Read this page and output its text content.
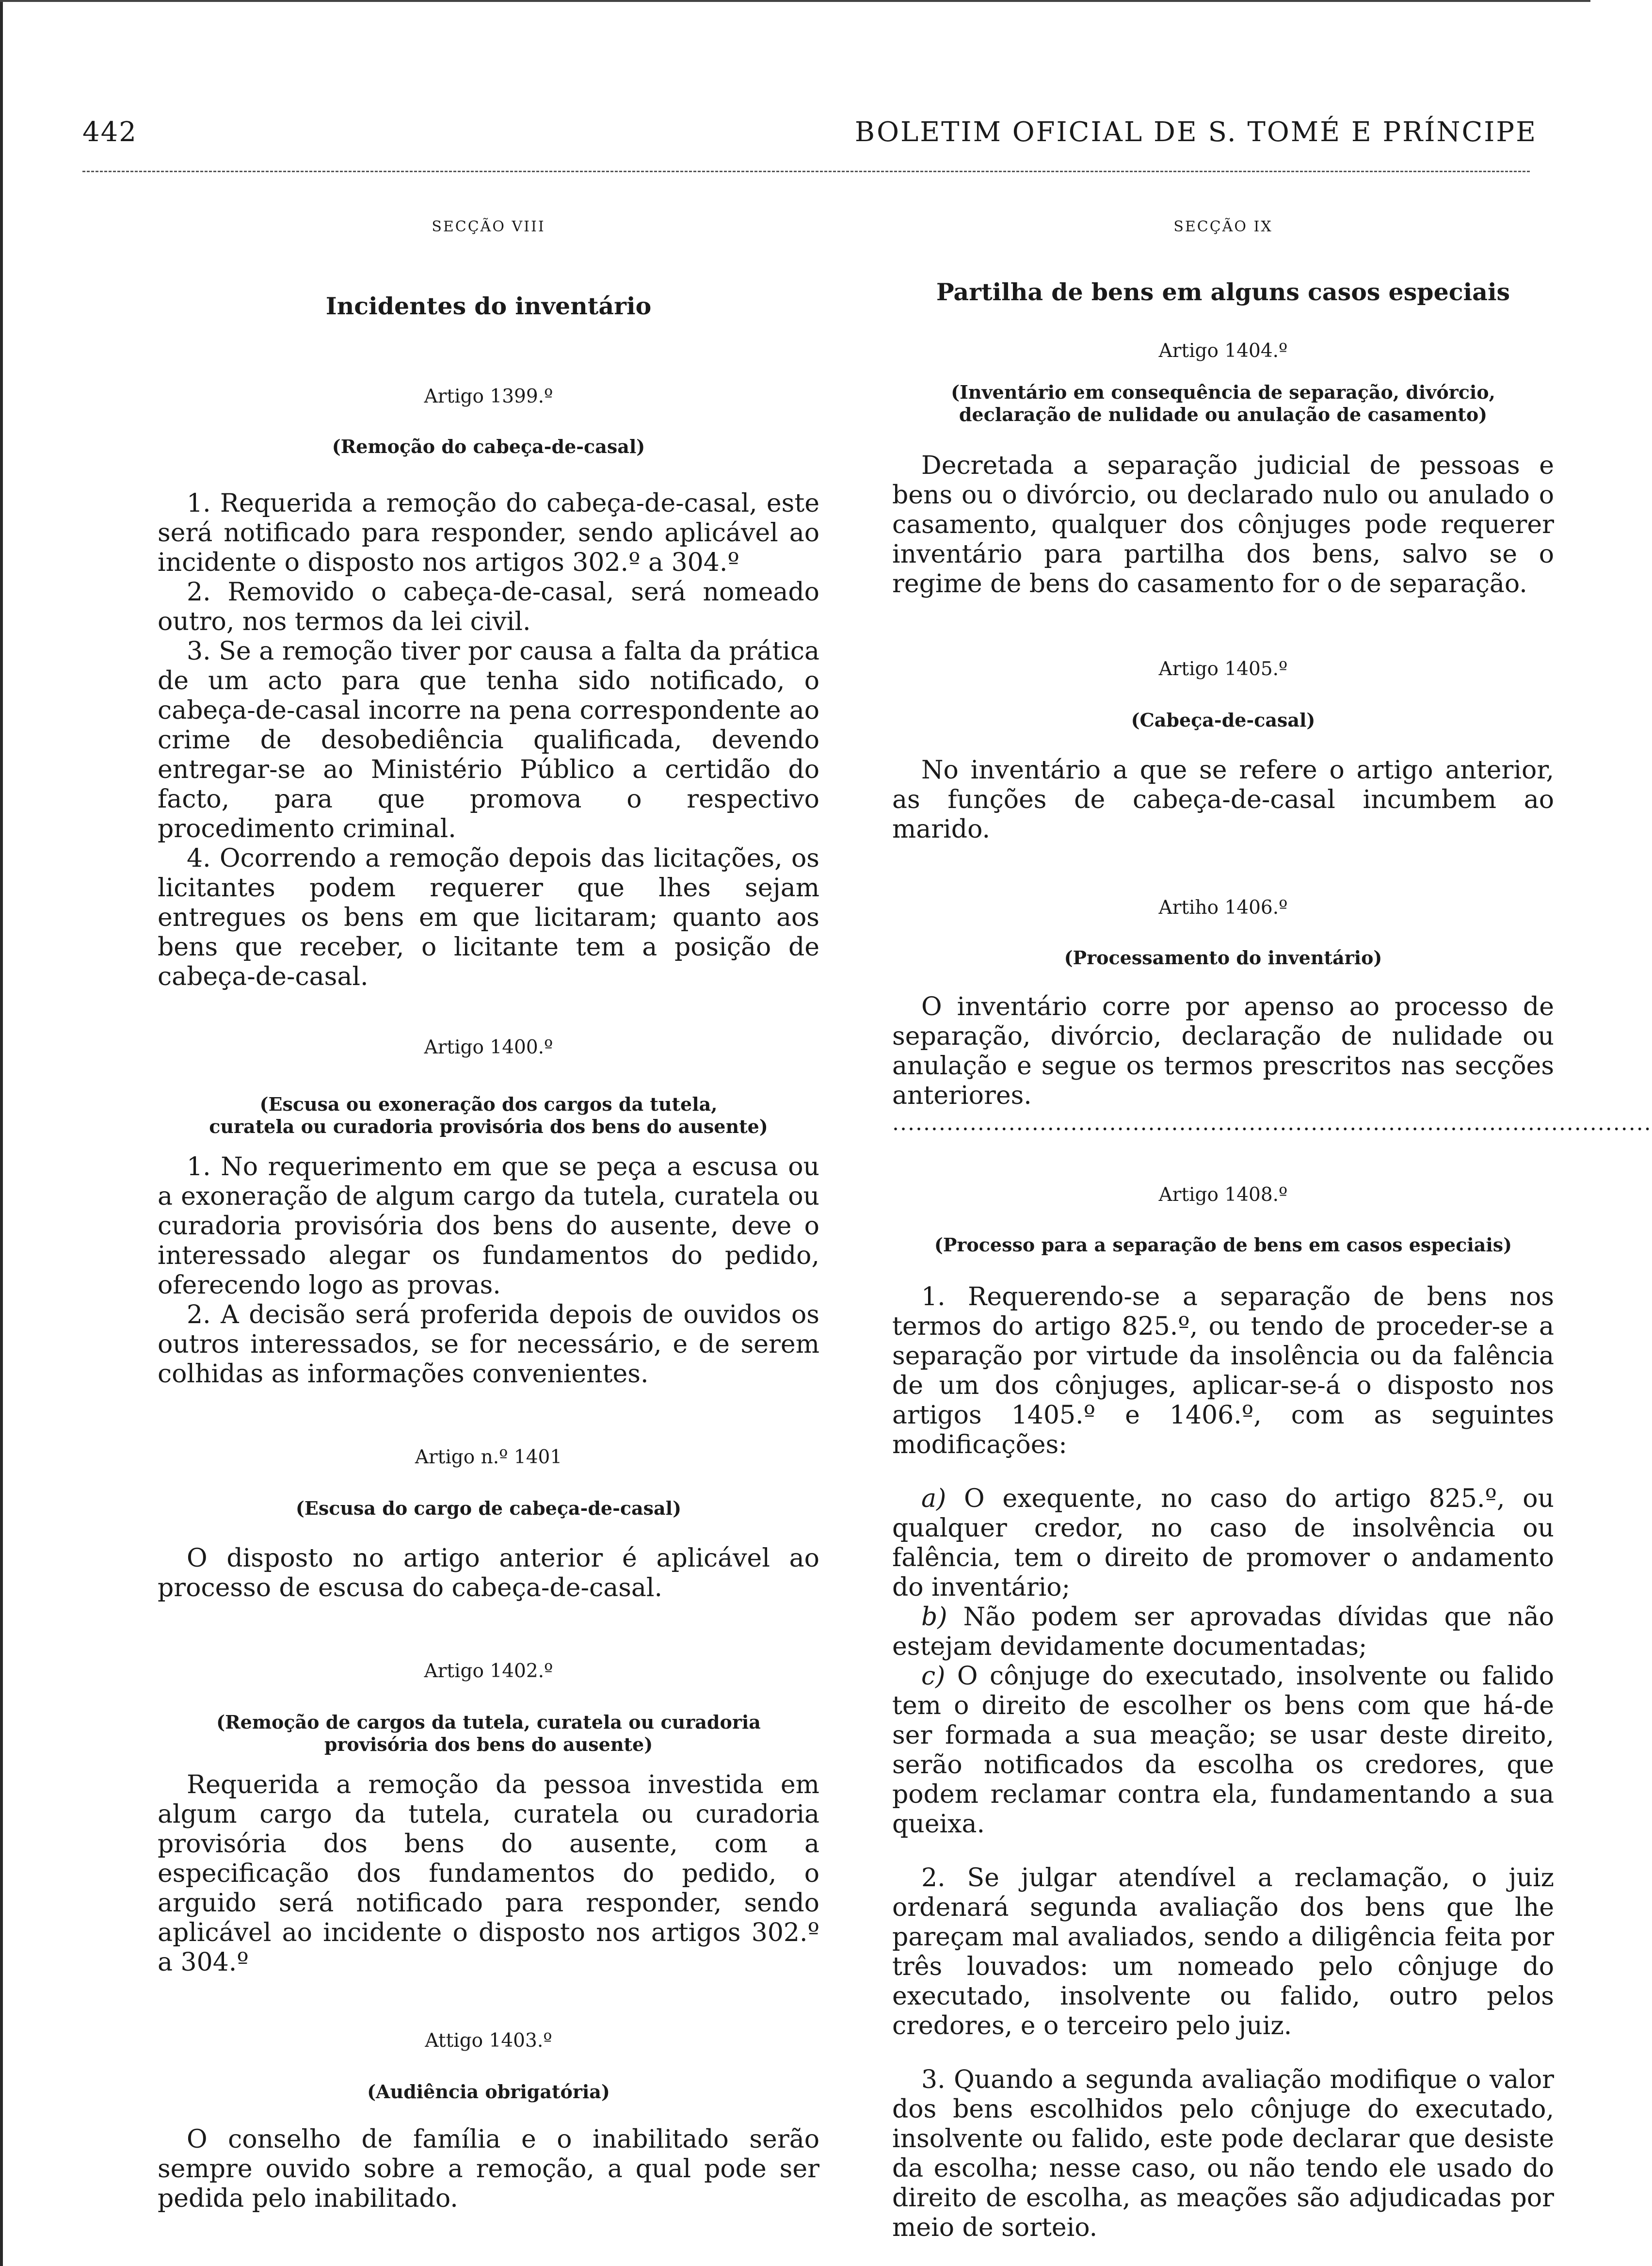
442	BOLETIM OFICIAL DE S. TOMÉ E PRÍNCIPE

SECÇÃO VIII

Incidentes do inventário

Artigo 1399.º

(Remoção do cabeça-de-casal)

1. Requerida a remoção do cabeça-de-casal, este será notificado para responder, sendo aplicável ao incidente o disposto nos artigos 302.º a 304.º

2. Removido o cabeça-de-casal, será nomeado outro, nos termos da lei civil.

3. Se a remoção tiver por causa a falta da prática de um acto para que tenha sido notificado, o cabeça-de-casal incorre na pena correspondente ao crime de desobediência qualificada, devendo entregar-se ao Ministério Público a certidão do facto, para que promova o respectivo procedimento criminal.

4. Ocorrendo a remoção depois das licitações, os licitantes podem requerer que lhes sejam entregues os bens em que licitaram; quanto aos bens que receber, o licitante tem a posição de cabeça-de-casal.

Artigo 1400.º

(Escusa ou exoneração dos cargos da tutela,
curatela ou curadoria provisória dos bens do ausente)

1. No requerimento em que se peça a escusa ou a exoneração de algum cargo da tutela, curatela ou curadoria provisória dos bens do ausente, deve o interessado alegar os fundamentos do pedido, oferecendo logo as provas.

2. A decisão será proferida depois de ouvidos os outros interessados, se for necessário, e de serem colhidas as informações convenientes.

Artigo n.º 1401

(Escusa do cargo de cabeça-de-casal)

O disposto no artigo anterior é aplicável ao processo de escusa do cabeça-de-casal.

Artigo 1402.º

(Remoção de cargos da tutela, curatela ou curadoria
provisória dos bens do ausente)

Requerida a remoção da pessoa investida em algum cargo da tutela, curatela ou curadoria provisória dos bens do ausente, com a especificação dos fundamentos do pedido, o arguido será notificado para responder, sendo aplicável ao incidente o disposto nos artigos 302.º a 304.º

Attigo 1403.º

(Audiência obrigatória)

O conselho de família e o inabilitado serão sempre ouvido sobre a remoção, a qual pode ser pedida pelo inabilitado.

SECÇÃO IX

Partilha de bens em alguns casos especiais

Artigo 1404.º

(Inventário em consequência de separação, divórcio,
declaração de nulidade ou anulação de casamento)

Decretada a separação judicial de pessoas e bens ou o divórcio, ou declarado nulo ou anulado o casamento, qualquer dos cônjuges pode requerer inventário para partilha dos bens, salvo se o regime de bens do casamento for o de separação.

Artigo 1405.º

(Cabeça-de-casal)

No inventário a que se refere o artigo anterior, as funções de cabeça-de-casal incumbem ao marido.

Artiho 1406.º

(Processamento do inventário)

O inventário corre por apenso ao processo de separação, divórcio, declaração de nulidade ou anulação e segue os termos prescritos nas secções anteriores.

..................................................................................................

Artigo 1408.º

(Processo para a separação de bens em casos especiais)

1. Requerendo-se a separação de bens nos termos do artigo 825.º, ou tendo de proceder-se a separação por virtude da insolência ou da falência de um dos cônjuges, aplicar-se-á o disposto nos artigos 1405.º e 1406.º, com as seguintes modificações:

a) O exequente, no caso do artigo 825.º, ou qualquer credor, no caso de insolvência ou falência, tem o direito de promover o andamento do inventário;

b) Não podem ser aprovadas dívidas que não estejam devidamente documentadas;

c) O cônjuge do executado, insolvente ou falido tem o direito de escolher os bens com que há-de ser formada a sua meação; se usar deste direito, serão notificados da escolha os credores, que podem reclamar contra ela, fundamentando a sua queixa.

2. Se julgar atendível a reclamação, o juiz ordenará segunda avaliação dos bens que lhe pareçam mal avaliados, sendo a diligência feita por três louvados: um nomeado pelo cônjuge do executado, insolvente ou falido, outro pelos credores, e o terceiro pelo juiz.

3. Quando a segunda avaliação modifique o valor dos bens escolhidos pelo cônjuge do executado, insolvente ou falido, este pode declarar que desiste da escolha; nesse caso, ou não tendo ele usado do direito de escolha, as meações são adjudicadas por meio de sorteio.
